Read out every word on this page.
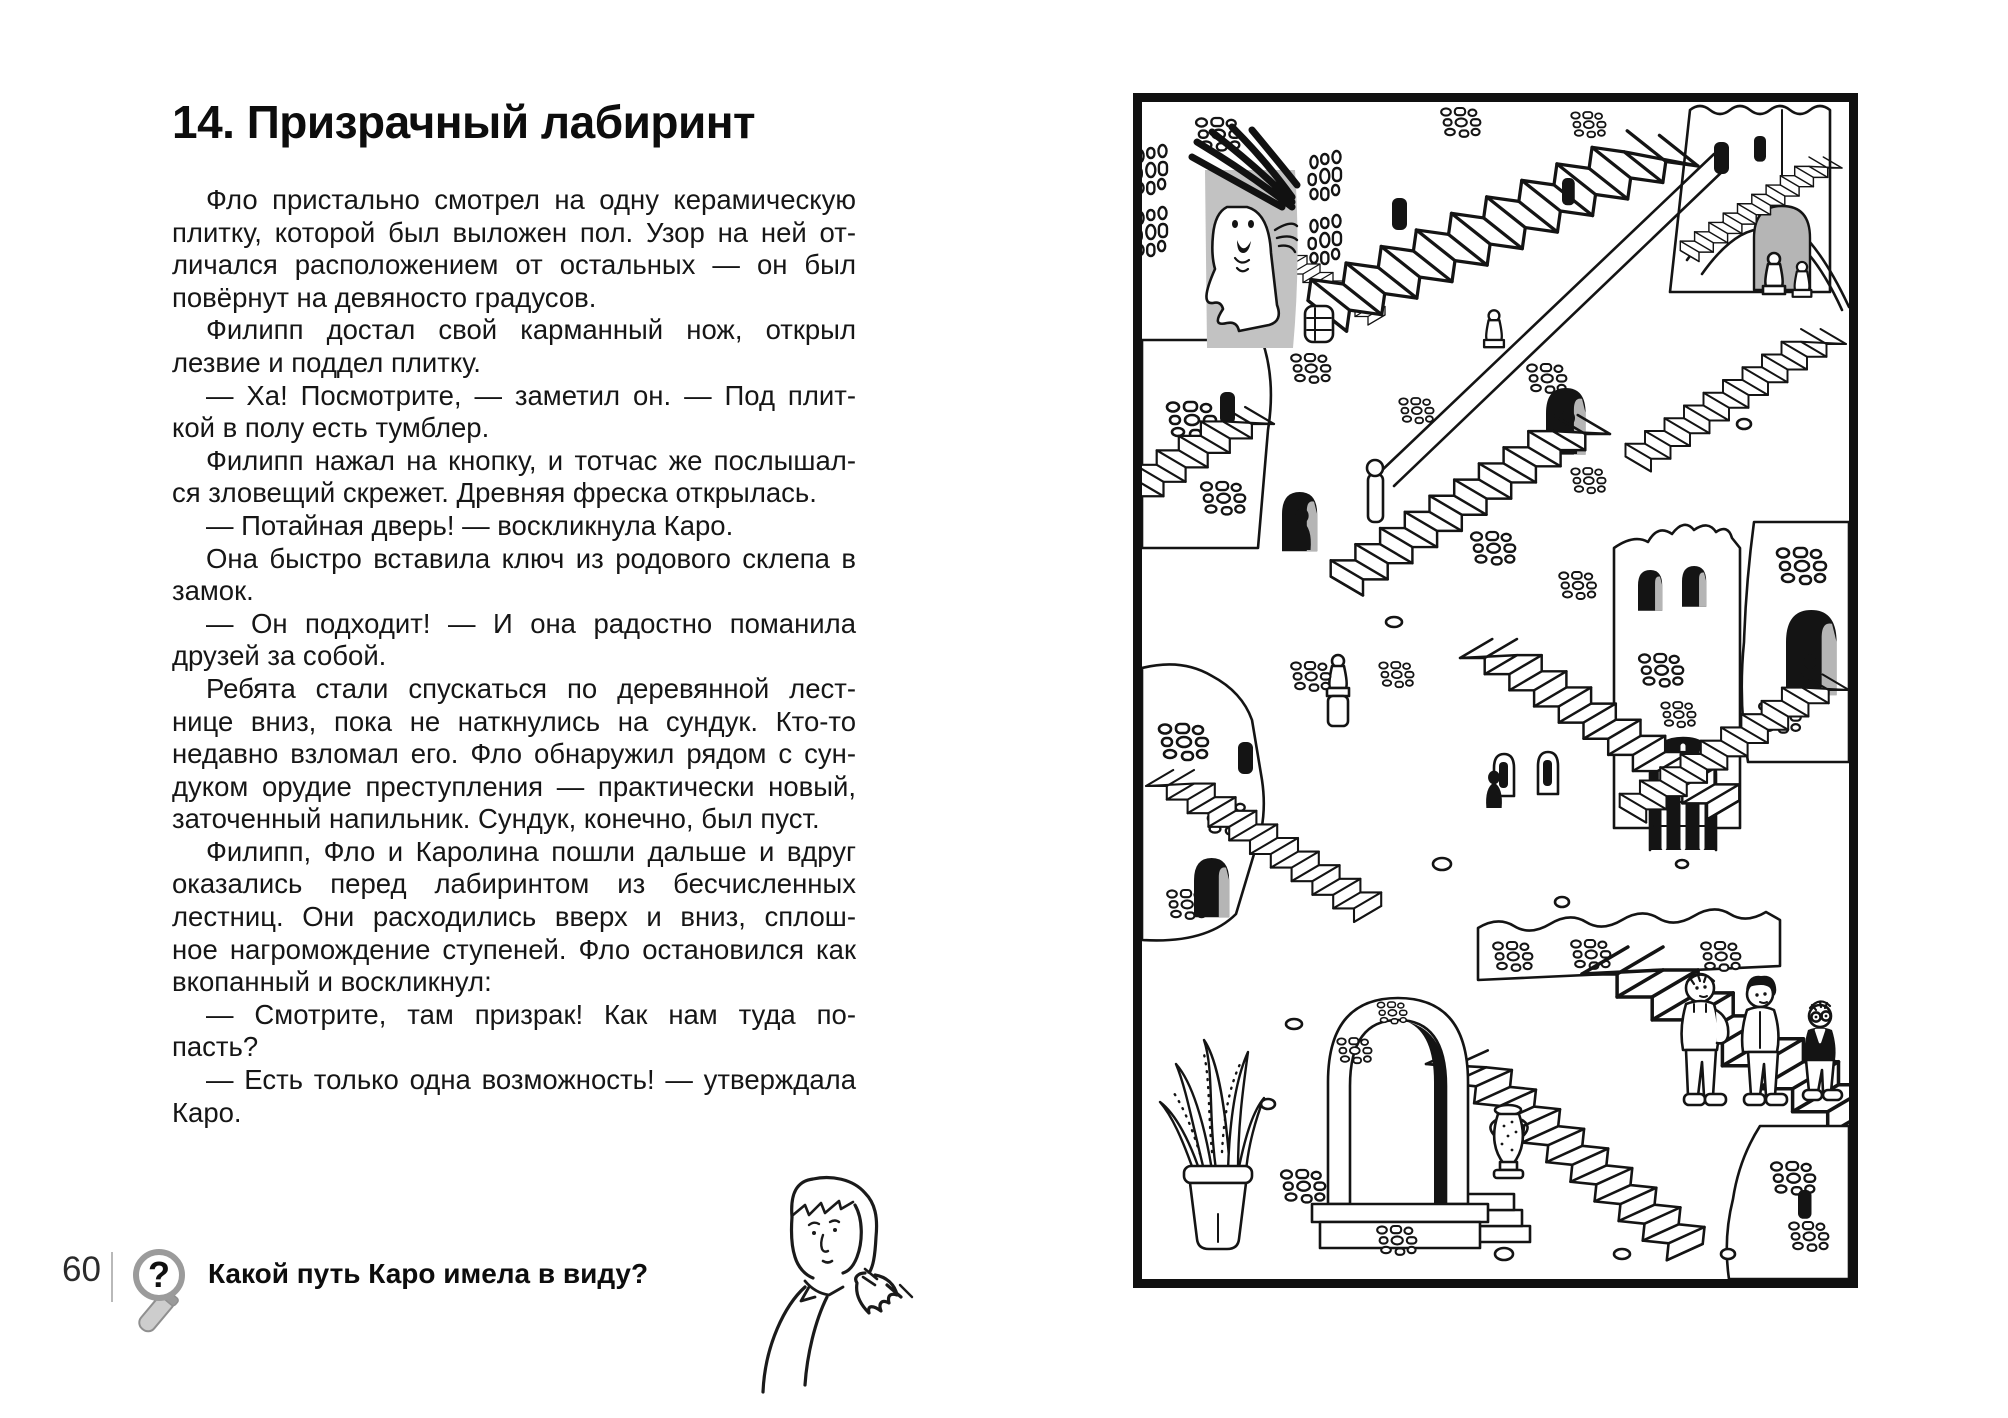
14. Призрачный лабиринт
Фло пристально смотрел на одну керамическую
плитку, которой был выложен пол. Узор на ней от-
личался расположением от остальных — он был
повёрнут на девяносто градусов.
Филипп достал свой карманный нож, открыл
лезвие и поддел плитку.
— Ха! Посмотрите, — заметил он. — Под плит-
кой в полу есть тумблер.
Филипп нажал на кнопку, и тотчас же послышал-
ся зловещий скрежет. Древняя фреска открылась.
— Потайная дверь! — воскликнула Каро.
Она быстро вставила ключ из родового склепа в
замок.
— Он подходит! — И она радостно поманила
друзей за собой.
Ребята стали спускаться по деревянной лест-
нице вниз, пока не наткнулись на сундук. Кто-то
недавно взломал его. Фло обнаружил рядом с сун-
дуком орудие преступления — практически новый,
заточенный напильник. Сундук, конечно, был пуст.
Филипп, Фло и Каролина пошли дальше и вдруг
оказались перед лабиринтом из бесчисленных
лестниц. Они расходились вверх и вниз, сплош-
ное нагромождение ступеней. Фло остановился как
вкопанный и воскликнул:
— Смотрите, там призрак! Как нам туда по-
пасть?
— Есть только одна возможность! — утверждала
Каро.
60 ? Какой путь Каро имела в виду?
